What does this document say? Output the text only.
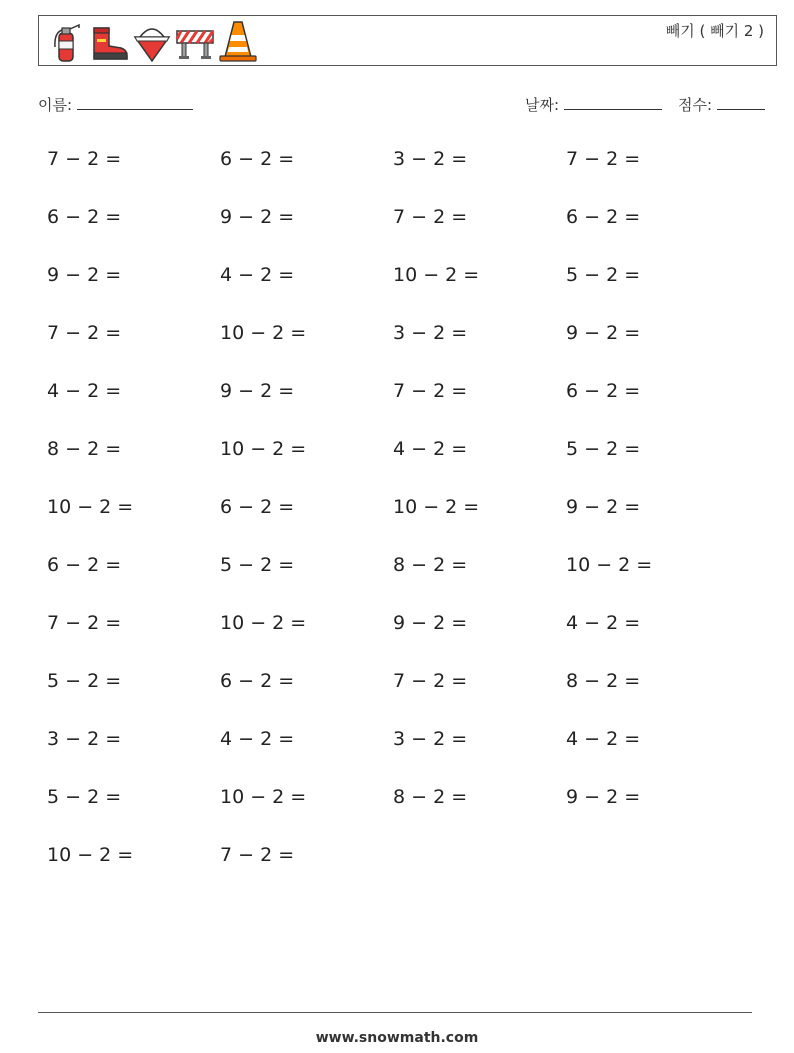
빼기 ( 빼기 2 )
이름:	날짜:	점수:
7 − 2 =	6 − 2 =	3 − 2 =	7 − 2 =
6 − 2 =	9 − 2 =	7 − 2 =	6 − 2 =
9 − 2 =	4 − 2 =	10 − 2 =	5 − 2 =
7 − 2 =	10 − 2 =	3 − 2 =	9 − 2 =
4 − 2 =	9 − 2 =	7 − 2 =	6 − 2 =
8 − 2 =	10 − 2 =	4 − 2 =	5 − 2 =
10 − 2 =	6 − 2 =	10 − 2 =	9 − 2 =
6 − 2 =	5 − 2 =	8 − 2 =	10 − 2 =
7 − 2 =	10 − 2 =	9 − 2 =	4 − 2 =
5 − 2 =	6 − 2 =	7 − 2 =	8 − 2 =
3 − 2 =	4 − 2 =	3 − 2 =	4 − 2 =
5 − 2 =	10 − 2 =	8 − 2 =	9 − 2 =
10 − 2 =	7 − 2 =
www.snowmath.com
